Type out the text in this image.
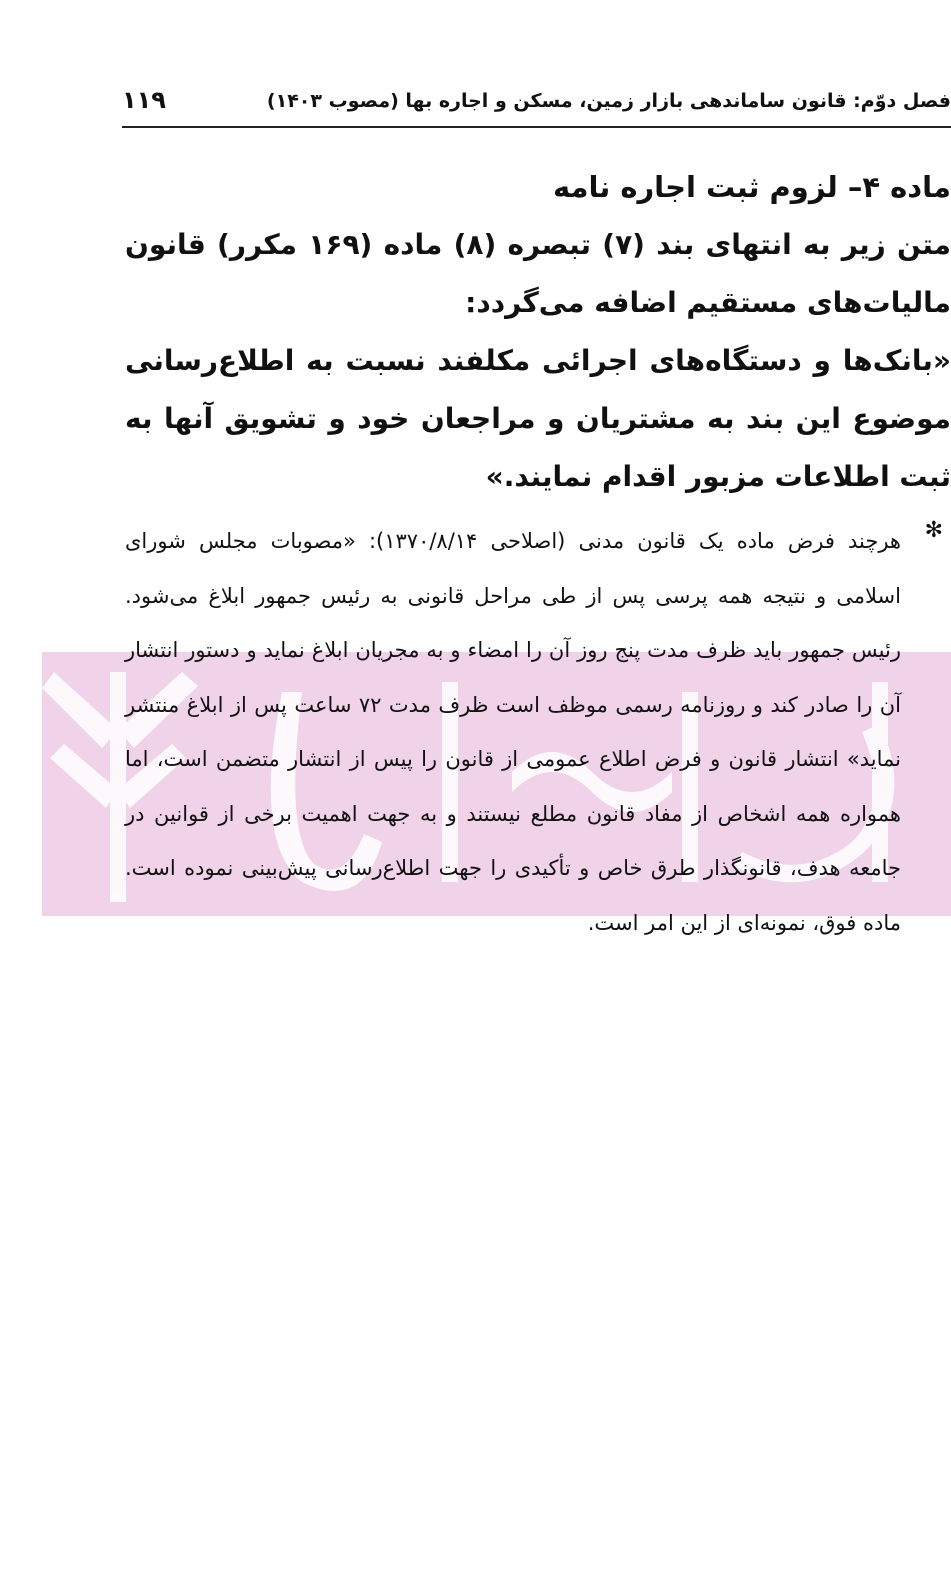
فصل دوّم: قانون ساماندهی بازار زمین، مسکن و اجاره بها (مصوب ۱۴۰۳)
۱۱۹

ماده ۴– لزوم ثبت اجاره نامه

متن زیر به انتهای بند (۷) تبصره (۸) ماده (۱۶۹ مکرر) قانون مالیات‌های مستقیم اضافه می‌گردد:

«بانک‌ها و دستگاه‌های اجرائی مکلفند نسبت به اطلاع‌رسانی موضوع این بند به مشتریان و مراجعان خود و تشویق آنها به ثبت اطلاعات مزبور اقدام نمایند.»

✻

هرچند فرض ماده یک قانون مدنی (اصلاحی ۱۳۷۰/۸/۱۴): «مصوبات مجلس شورای اسلامی و نتیجه همه پرسی پس از طی مراحل قانونی به رئیس جمهور ابلاغ می‌شود. رئیس جمهور باید ظرف مدت پنج روز آن را امضاء و به مجریان ابلاغ نماید و دستور انتشار آن را صادر کند و روزنامه رسمی موظف است ظرف مدت ۷۲ ساعت پس از ابلاغ منتشر نماید» انتشار قانون و فرض اطلاع عمومی از قانون را پیس از انتشار متضمن است، اما همواره همه اشخاص از مفاد قانون مطلع نیستند و به جهت اهمیت برخی از قوانین در جامعه هدف، قانونگذار طرق خاص و تأکیدی را جهت اطلاع‌رسانی پیش‌بینی نموده است. ماده فوق، نمونه‌ای از این امر است.
